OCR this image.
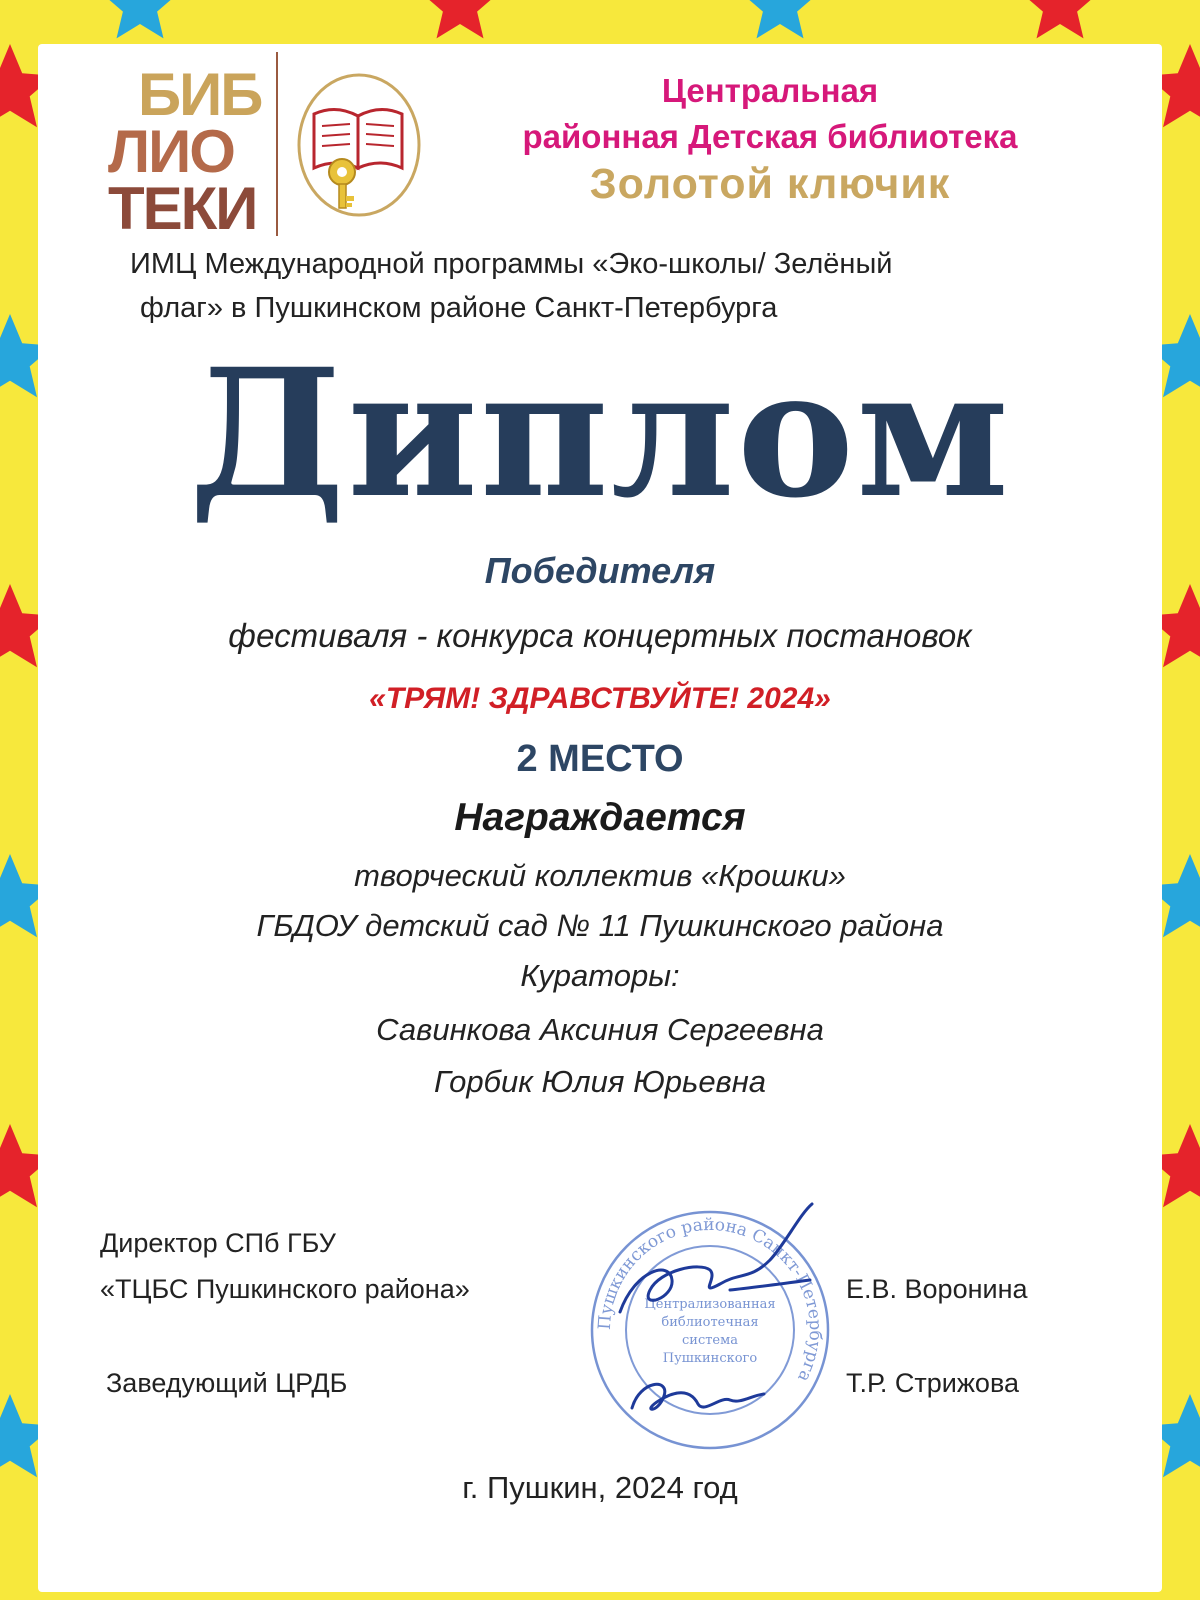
БИБ
ЛИО
ТЕКИ
Центральная
районная Детская библиотека
Золотой ключик
ИМЦ Международной программы «Эко-школы/ Зелёный
флаг» в Пушкинском районе Санкт-Петербурга
Диплом
Победителя
фестиваля - конкурса концертных постановок
«ТРЯМ! ЗДРАВСТВУЙТЕ! 2024»
2 МЕСТО
Награждается
творческий коллектив «Крошки»
ГБДОУ детский сад № 11 Пушкинского района
Кураторы:
Савинкова Аксиния Сергеевна
Горбик Юлия Юрьевна
Пушкинского района Санкт-Петербурга
Централизованная
библиотечная
система
Пушкинского
Директор СПб ГБУ
«ТЦБС Пушкинского района»	Е.В. Воронина
Заведующий ЦРДБ	Т.Р. Стрижова
г. Пушкин, 2024 год
